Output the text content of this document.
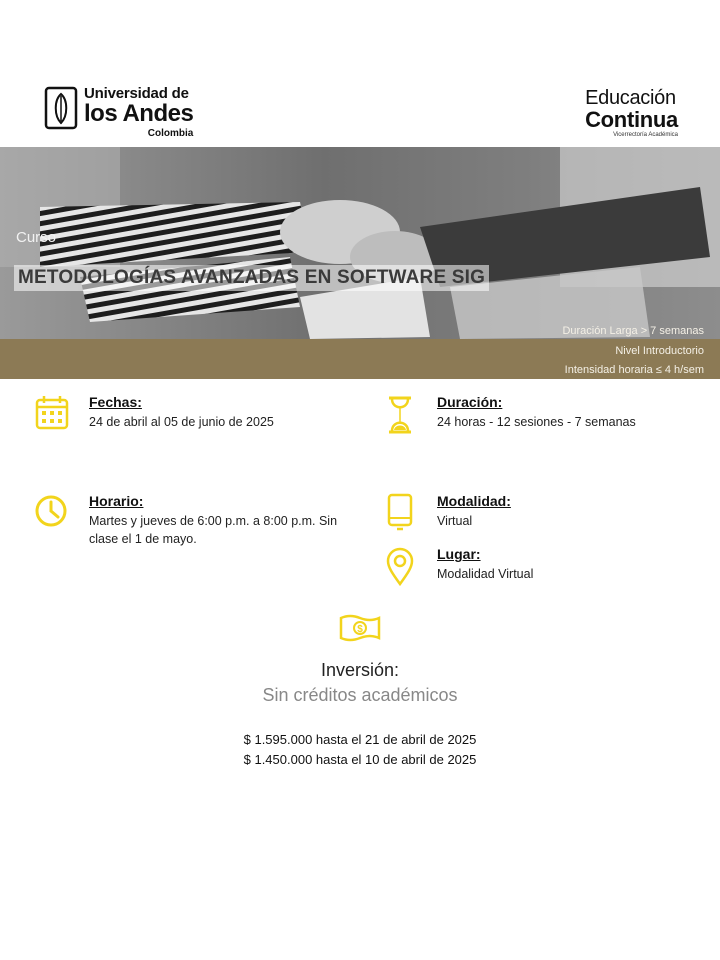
Universidad de
los Andes
Colombia
Educación
Continua
Vicerrectoría Académica
Curso
METODOLOGÍAS AVANZADAS EN SOFTWARE SIG
Duración Larga > 7 semanas
Nivel Introductorio
Intensidad horaria ≤ 4 h/sem
Fechas:
24 de abril al 05 de junio de 2025
Duración:
24 horas - 12 sesiones - 7 semanas
Horario:
Martes y jueves de 6:00 p.m. a 8:00 p.m. Sin clase el 1 de mayo.
Modalidad:
Virtual
Lugar:
Modalidad Virtual
$
Inversión:
Sin créditos académicos
$ 1.595.000 hasta el 21 de abril de 2025
$ 1.450.000 hasta el 10 de abril de 2025
